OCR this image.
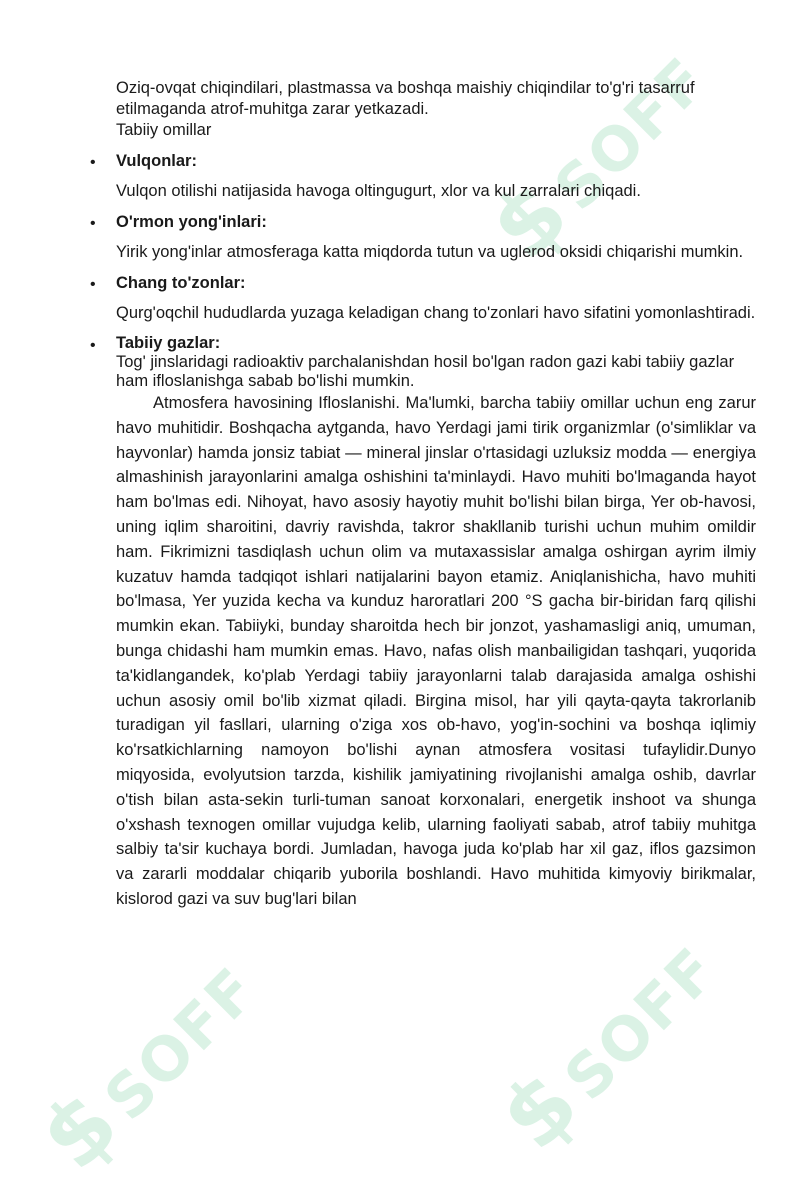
$SOFF
$SOFF
$SOFF

Oziq-ovqat chiqindilari, plastmassa va boshqa maishiy chiqindilar to'g'ri tasarruf etilmaganda atrof-muhitga zarar yetkazadi.

Tabiiy omillar

• Vulqonlar:

Vulqon otilishi natijasida havoga oltingugurt, xlor va kul zarralari chiqadi.

• O'rmon yong'inlari:

Yirik yong'inlar atmosferaga katta miqdorda tutun va uglerod oksidi chiqarishi mumkin.

• Chang to'zonlar:

Qurg'oqchil hududlarda yuzaga keladigan chang to'zonlari havo sifatini yomonlashtiradi.

• Tabiiy gazlar:

Tog' jinslaridagi radioaktiv parchalanishdan hosil bo'lgan radon gazi kabi tabiiy gazlar ham ifloslanishga sabab bo'lishi mumkin.

Atmosfera havosining Ifloslanishi. Ma'lumki, barcha tabiiy omillar uchun eng zarur havo muhitidir. Boshqacha aytganda, havo Yerdagi jami tirik organizmlar (o'simliklar va hayvonlar) hamda jonsiz tabiat — mineral jinslar o'rtasidagi uzluksiz modda — energiya almashinish jarayonlarini amalga oshishini ta'minlaydi. Havo muhiti bo'lmaganda hayot ham bo'lmas edi. Nihoyat, havo asosiy hayotiy muhit bo'lishi bilan birga, Yer ob-havosi, uning iqlim sharoitini, davriy ravishda, takror shakllanib turishi uchun muhim omildir ham. Fikrimizni tasdiqlash uchun olim va mutaxassislar amalga oshirgan ayrim ilmiy kuzatuv hamda tadqiqot ishlari natijalarini bayon etamiz. Aniqlanishicha, havo muhiti bo'lmasa, Yer yuzida kecha va kunduz haroratlari 200 °S gacha bir-biridan farq qilishi mumkin ekan. Tabiiyki, bunday sharoitda hech bir jonzot, yashamasligi aniq, umuman, bunga chidashi ham mumkin emas. Havo, nafas olish manbailigidan tashqari, yuqorida ta'kidlangandek, ko'plab Yerdagi tabiiy jarayonlarni talab darajasida amalga oshishi uchun asosiy omil bo'lib xizmat qiladi. Birgina misol, har yili qayta-qayta takrorlanib turadigan yil fasllari, ularning o'ziga xos ob-havo, yog'in-sochini va boshqa iqlimiy ko'rsatkichlarning namoyon bo'lishi aynan atmosfera vositasi tufaylidir.Dunyo miqyosida, evolyutsion tarzda, kishilik jamiyatining rivojlanishi amalga oshib, davrlar o'tish bilan asta-sekin turli-tuman sanoat korxonalari, energetik inshoot va shunga o'xshash texnogen omillar vujudga kelib, ularning faoliyati sabab, atrof tabiiy muhitga salbiy ta'sir kuchaya bordi. Jumladan, havoga juda ko'plab har xil gaz, iflos gazsimon va zararli moddalar chiqarib yuborila boshlandi. Havo muhitida kimyoviy birikmalar, kislorod gazi va suv bug'lari bilan
